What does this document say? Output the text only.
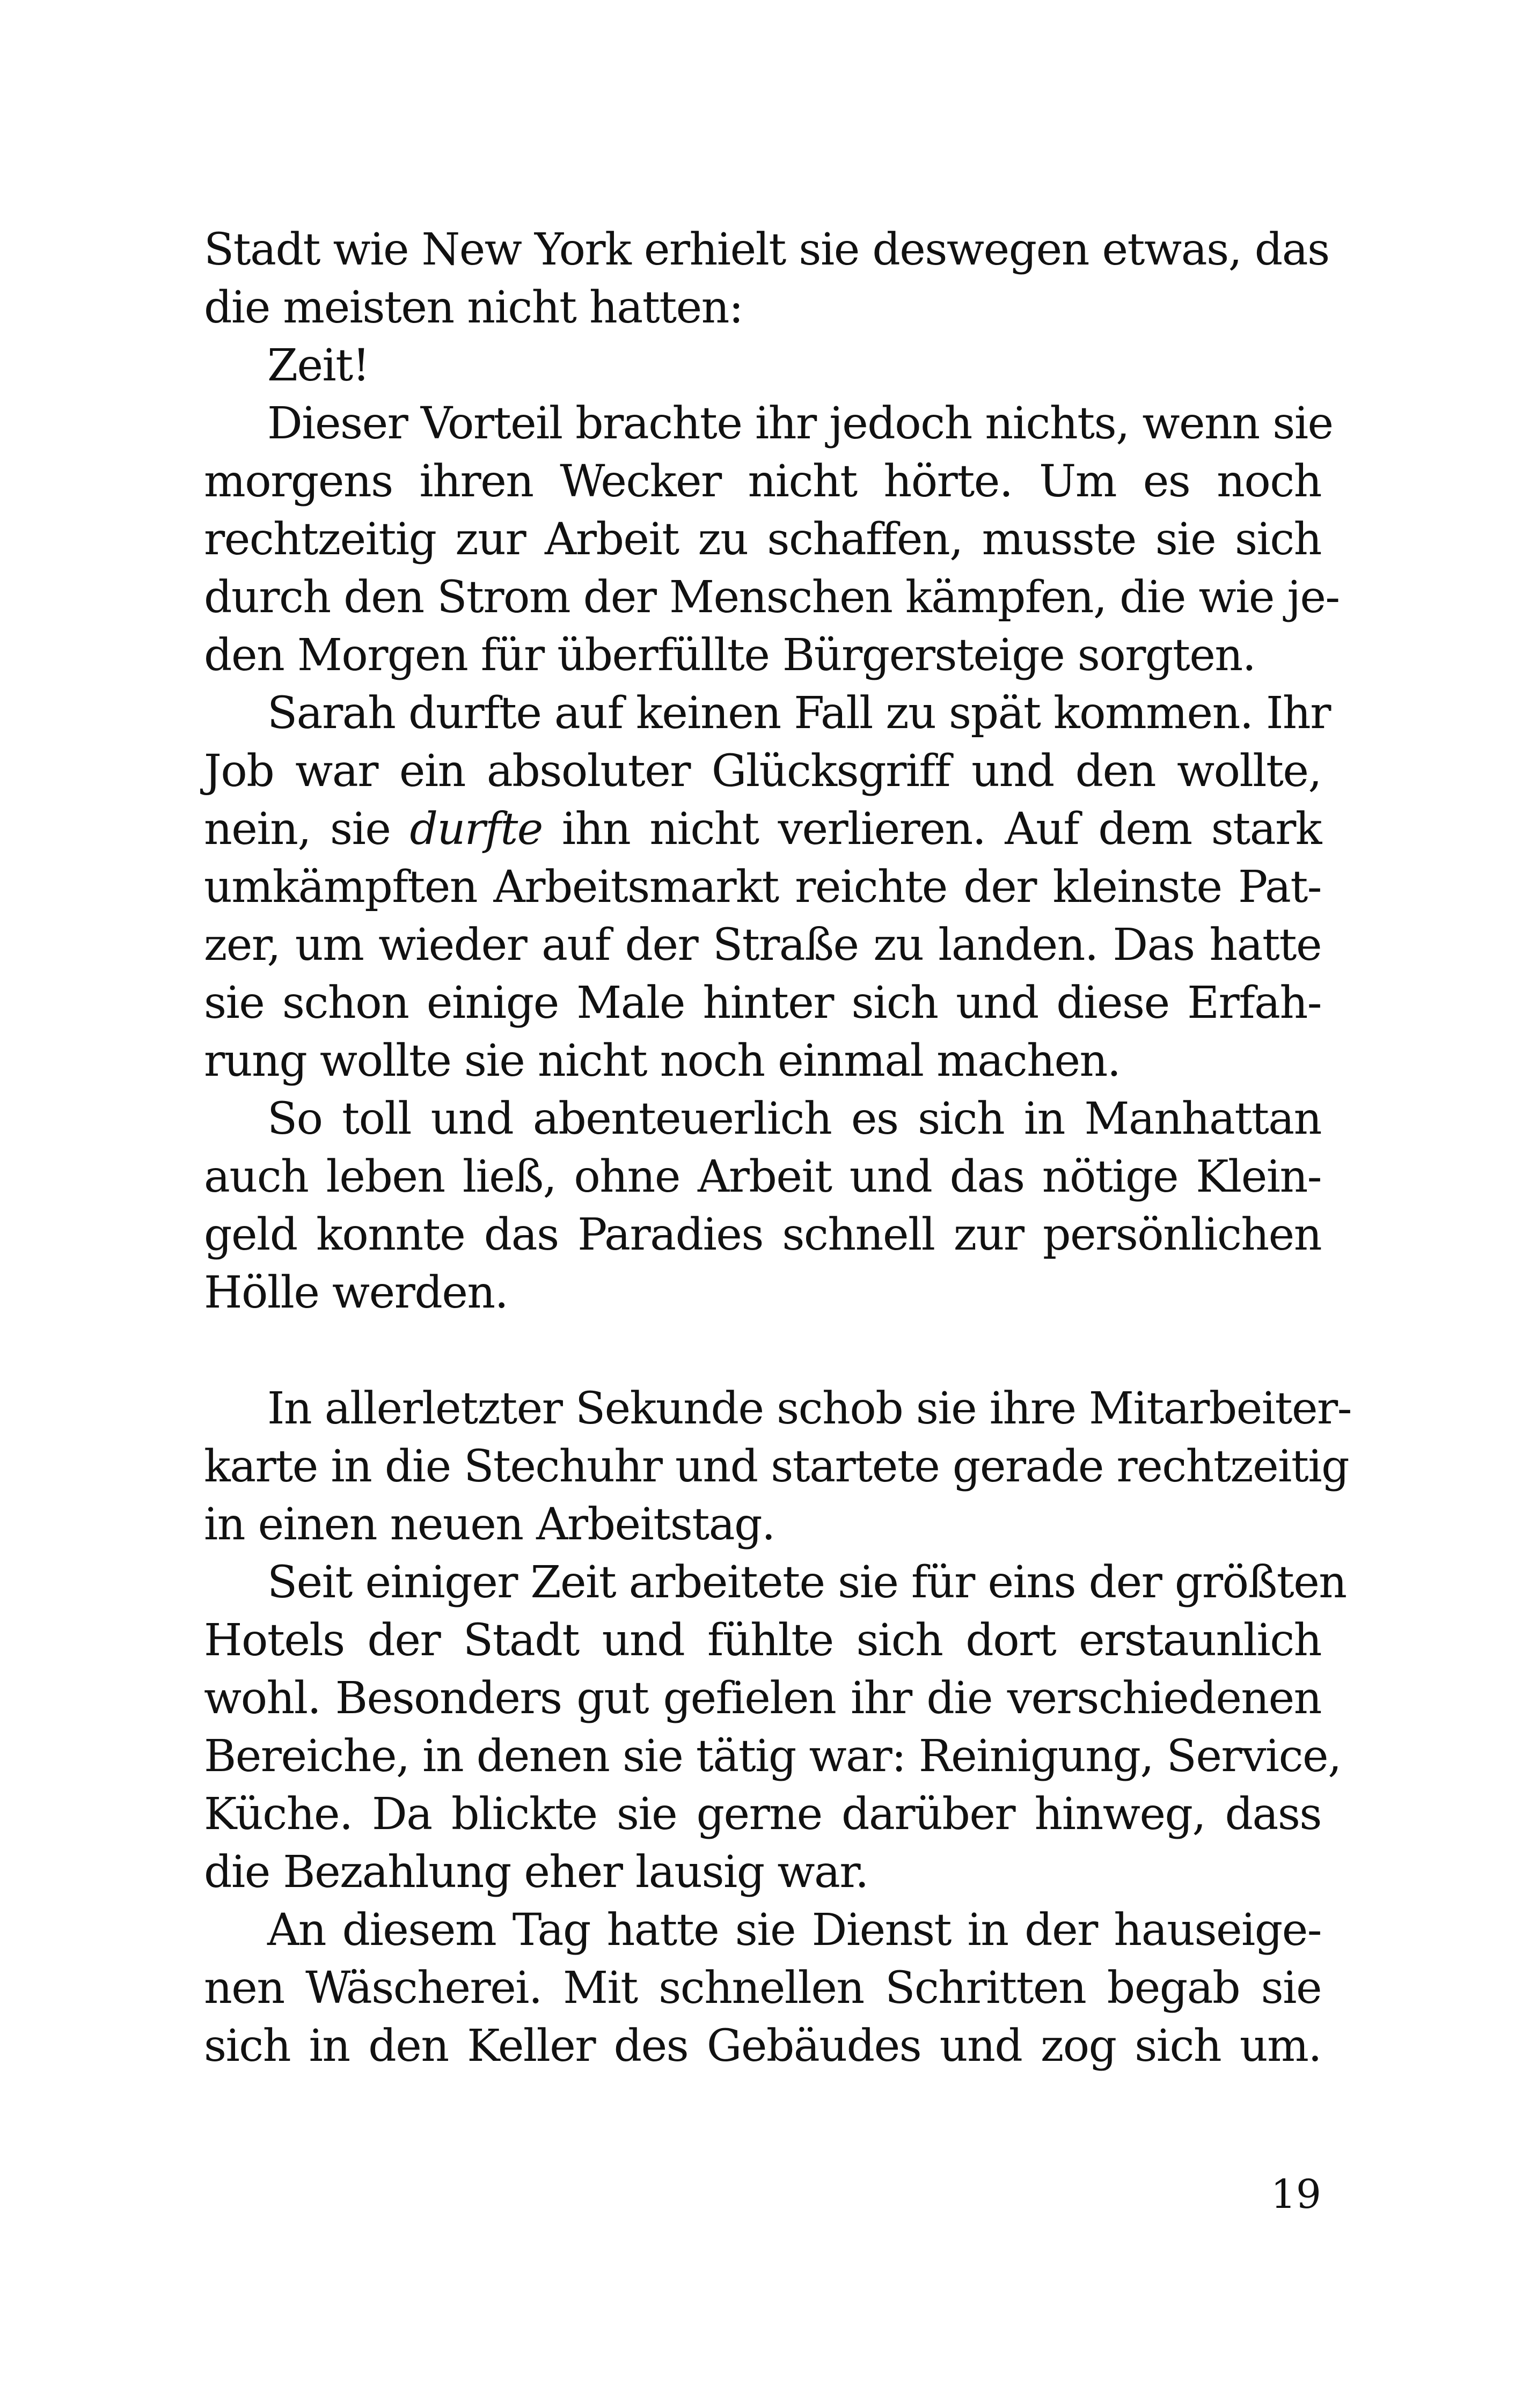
Stadt wie New York erhielt sie deswegen etwas, das
die meisten nicht hatten:
Zeit!
Dieser Vorteil brachte ihr jedoch nichts, wenn sie
morgens ihren Wecker nicht hörte. Um es noch
rechtzeitig zur Arbeit zu schaffen, musste sie sich
durch den Strom der Menschen kämpfen, die wie je-
den Morgen für überfüllte Bürgersteige sorgten.
Sarah durfte auf keinen Fall zu spät kommen. Ihr
Job war ein absoluter Glücksgriff und den wollte,
nein, sie durfte ihn nicht verlieren. Auf dem stark
umkämpften Arbeitsmarkt reichte der kleinste Pat-
zer, um wieder auf der Straße zu landen. Das hatte
sie schon einige Male hinter sich und diese Erfah-
rung wollte sie nicht noch einmal machen.
So toll und abenteuerlich es sich in Manhattan
auch leben ließ, ohne Arbeit und das nötige Klein-
geld konnte das Paradies schnell zur persönlichen
Hölle werden.
In allerletzter Sekunde schob sie ihre Mitarbeiter-
karte in die Stechuhr und startete gerade rechtzeitig
in einen neuen Arbeitstag.
Seit einiger Zeit arbeitete sie für eins der größten
Hotels der Stadt und fühlte sich dort erstaunlich
wohl. Besonders gut gefielen ihr die verschiedenen
Bereiche, in denen sie tätig war: Reinigung, Service,
Küche. Da blickte sie gerne darüber hinweg, dass
die Bezahlung eher lausig war.
An diesem Tag hatte sie Dienst in der hauseige-
nen Wäscherei. Mit schnellen Schritten begab sie
sich in den Keller des Gebäudes und zog sich um.
19
